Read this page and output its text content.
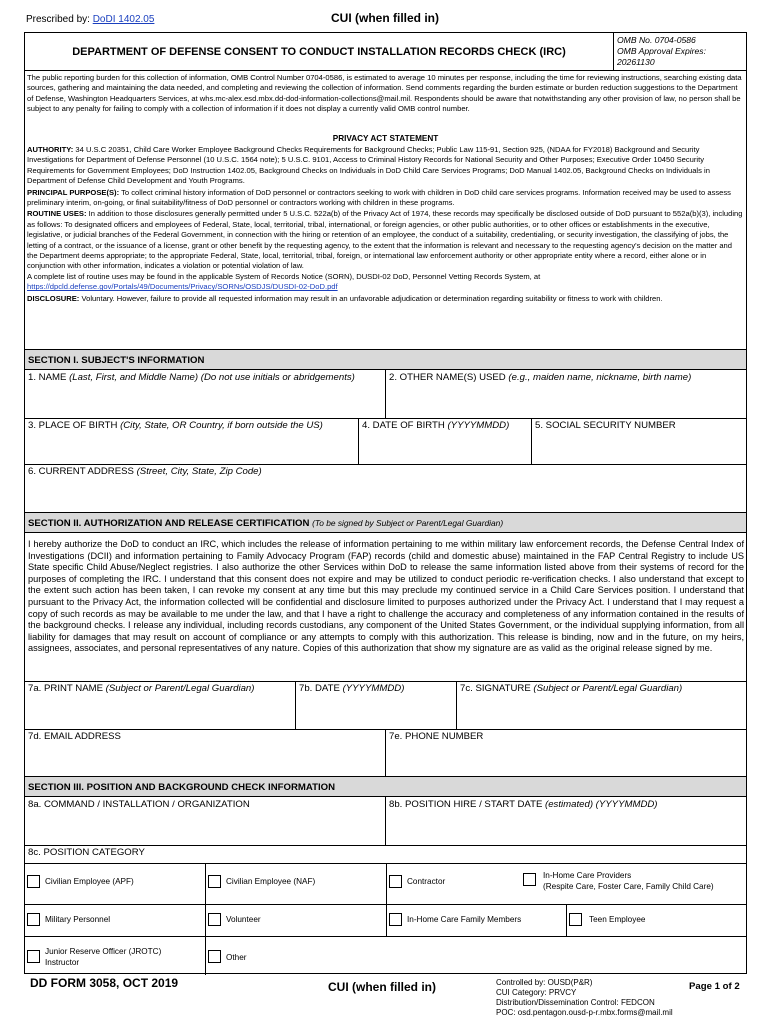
Prescribed by: DoDI 1402.05	CUI (when filled in)
DEPARTMENT OF DEFENSE CONSENT TO CONDUCT INSTALLATION RECORDS CHECK (IRC)
OMB No. 0704-0586
OMB Approval Expires:
20261130
The public reporting burden for this collection of information, OMB Control Number 0704-0586, is estimated to average 10 minutes per response, including the time for reviewing instructions, searching existing data sources, gathering and maintaining the data needed, and completing and reviewing the collection of information. Send comments regarding the burden estimate or burden reduction suggestions to the Department of Defense, Washington Headquarters Services, at whs.mc-alex.esd.mbx.dd-dod-information-collections@mail.mil. Respondents should be aware that notwithstanding any other provision of law, no person shall be subject to any penalty for failing to comply with a collection of information if it does not display a currently valid OMB control number.
PRIVACY ACT STATEMENT

AUTHORITY: 34 U.S.C 20351, Child Care Worker Employee Background Checks Requirements for Background Checks; Public Law 115-91, Section 925, (NDAA for FY2018) Background and Security Investigations for Department of Defense Personnel (10 U.S.C. 1564 note); 5 U.S.C. 9101, Access to Criminal History Records for National Security and Other Purposes; Executive Order 10450 Security Requirements for Government Employees; DoD Instruction 1402.05, Background Checks on Individuals in DoD Child Care Services Programs; DoD Manual 1402.05, Background Checks on Individuals in Department of Defense Child Development and Youth Programs.

PRINCIPAL PURPOSE(S): To collect criminal history information of DoD personnel or contractors seeking to work with children in DoD child care services programs. Information received may be used to assess preliminary interim, on-going, or final suitability/fitness of DoD personnel or contractors working with children in these programs.

ROUTINE USES: In addition to those disclosures generally permitted under 5 U.S.C. 522a(b) of the Privacy Act of 1974, these records may specifically be disclosed outside of DoD pursuant to 552a(b)(3), including as follows: To designated officers and employees of Federal, State, local, territorial, tribal, international, or foreign agencies, or other public authorities, or to other offices or establishments in the executive, legislative, or judicial branches of the Federal Government, in connection with the hiring or retention of an employee, the conduct of a suitability, credentialing, or security investigation, the classifying of jobs, the letting of a contract, or the issuance of a license, grant or other benefit by the requesting agency, to the extent that the information is relevant and necessary to the requesting agency's decision on the matter and the Department deems appropriate; to the appropriate Federal, State, local, territorial, tribal, foreign, or international law enforcement authority or other appropriate entity where a record, either alone or in conjunction with other information, indicates a violation or potential violation of law.
A complete list of routine uses may be found in the applicable System of Records Notice (SORN), DUSDI-02 DoD, Personnel Vetting Records System, at https://dpcld.defense.gov/Portals/49/Documents/Privacy/SORNs/OSDJS/DUSDI-02-DoD.pdf

DISCLOSURE: Voluntary. However, failure to provide all requested information may result in an unfavorable adjudication or determination regarding suitability or fitness to work with children.

SECTION I. SUBJECT'S INFORMATION
1. NAME (Last, First, and Middle Name) (Do not use initials or abridgements)	2. OTHER NAME(S) USED (e.g., maiden name, nickname, birth name)
3. PLACE OF BIRTH (City, State, OR Country, if born outside the US)	4. DATE OF BIRTH (YYYYMMDD)	5. SOCIAL SECURITY NUMBER
6. CURRENT ADDRESS (Street, City, State, Zip Code)
SECTION II. AUTHORIZATION AND RELEASE CERTIFICATION (To be signed by Subject or Parent/Legal Guardian)
I hereby authorize the DoD to conduct an IRC, which includes the release of information pertaining to me within military law enforcement records, the Defense Central Index of Investigations (DCII) and information pertaining to Family Advocacy Program (FAP) records (child and domestic abuse) maintained in the FAP Central Registry to include US State specific Child Abuse/Neglect registries. I also authorize the other Services within DoD to release the same information listed above from their systems of record for the purposes of completing the IRC. I understand that this consent does not expire and may be utilized to conduct periodic re-verification checks. I also understand that except to the extent such action has been taken, I can revoke my consent at any time but this may preclude my continued service in a Child Care Services position. I understand that pursuant to the Privacy Act, the information collected will be confidential and disclosure limited to purposes authorized under the Privacy Act. I understand that I may request a copy of such records as may be available to me under the law, and that I have a right to challenge the accuracy and completeness of any information contained in the results of the background checks. I release any individual, including records custodians, any component of the United States Government, or the individual supplying information, from all liability for damages that may result on account of compliance or any attempts to comply with this authorization. This release is binding, now and in the future, on my heirs, assignees, associates, and personal representatives of any nature. Copies of this authorization that show my signature are as valid as the original release signed by me.
7a. PRINT NAME (Subject or Parent/Legal Guardian)	7b. DATE (YYYYMMDD)	7c. SIGNATURE (Subject or Parent/Legal Guardian)
7d. EMAIL ADDRESS	7e. PHONE NUMBER
SECTION III. POSITION AND BACKGROUND CHECK INFORMATION
8a. COMMAND / INSTALLATION / ORGANIZATION	8b. POSITION HIRE / START DATE (estimated) (YYYYMMDD)
8c. POSITION CATEGORY
Civilian Employee (APF)	Civilian Employee (NAF)	Contractor
In-Home Care Providers
(Respite Care, Foster Care, Family Child Care)
Military Personnel	Volunteer	In-Home Care Family Members	Teen Employee
Junior Reserve Officer (JROTC)
Instructor
Other
DD FORM 3058, OCT 2019	CUI (when filled in)	Controlled by: OUSD(P&R)
CUI Category: PRVCY
Distribution/Dissemination Control: FEDCON
POC: osd.pentagon.ousd-p-r.mbx.forms@mail.mil
Page 1 of 2
